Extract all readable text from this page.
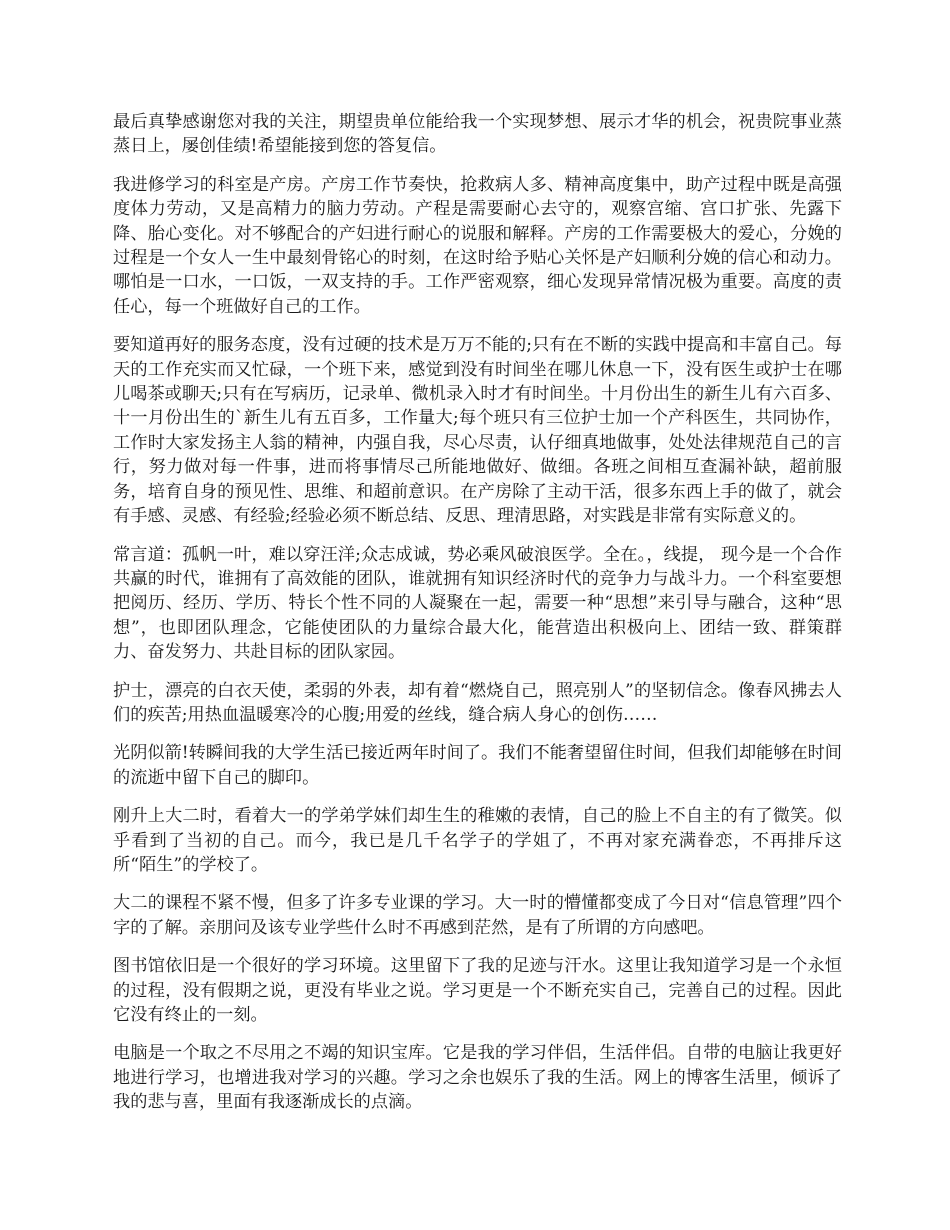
最后真挚感谢您对我的关注，期望贵单位能给我一个实现梦想、展示才华的机会，祝贵院事业蒸蒸日上，屡创佳绩!希望能接到您的答复信。

我进修学习的科室是产房。产房工作节奏快，抢救病人多、精神高度集中，助产过程中既是高强度体力劳动，又是高精力的脑力劳动。产程是需要耐心去守的，观察宫缩、宫口扩张、先露下降、胎心变化。对不够配合的产妇进行耐心的说服和解释。产房的工作需要极大的爱心，分娩的过程是一个女人一生中最刻骨铭心的时刻，在这时给予贴心关怀是产妇顺利分娩的信心和动力。哪怕是一口水，一口饭，一双支持的手。工作严密观察，细心发现异常情况极为重要。高度的责任心，每一个班做好自己的工作。

要知道再好的服务态度，没有过硬的技术是万万不能的;只有在不断的实践中提高和丰富自己。每天的工作充实而又忙碌，一个班下来，感觉到没有时间坐在哪儿休息一下，没有医生或护士在哪儿喝茶或聊天;只有在写病历，记录单、微机录入时才有时间坐。十月份出生的新生儿有六百多、十一月份出生的`新生儿有五百多，工作量大;每个班只有三位护士加一个产科医生，共同协作，工作时大家发扬主人翁的精神，内强自我，尽心尽责，认仔细真地做事，处处法律规范自己的言行，努力做对每一件事，进而将事情尽己所能地做好、做细。各班之间相互查漏补缺，超前服务，培育自身的预见性、思维、和超前意识。在产房除了主动干活，很多东西上手的做了，就会有手感、灵感、有经验;经验必须不断总结、反思、理清思路，对实践是非常有实际意义的。

常言道：孤帆一叶，难以穿汪洋;众志成诚，势必乘风破浪医学。全在。，线提， 现今是一个合作共赢的时代，谁拥有了高效能的团队，谁就拥有知识经济时代的竞争力与战斗力。一个科室要想把阅历、经历、学历、特长个性不同的人凝聚在一起，需要一种“思想”来引导与融合，这种“思想”，也即团队理念，它能使团队的力量综合最大化，能营造出积极向上、团结一致、群策群力、奋发努力、共赴目标的团队家园。

护士，漂亮的白衣天使，柔弱的外表，却有着“燃烧自己，照亮别人”的坚韧信念。像春风拂去人们的疾苦;用热血温暖寒冷的心腹;用爱的丝线，缝合病人身心的创伤……

光阴似箭!转瞬间我的大学生活已接近两年时间了。我们不能奢望留住时间，但我们却能够在时间的流逝中留下自己的脚印。

刚升上大二时，看着大一的学弟学妹们却生生的稚嫩的表情，自己的脸上不自主的有了微笑。似乎看到了当初的自己。而今，我已是几千名学子的学姐了，不再对家充满眷恋，不再排斥这所“陌生”的学校了。

大二的课程不紧不慢，但多了许多专业课的学习。大一时的懵懂都变成了今日对“信息管理”四个字的了解。亲朋问及该专业学些什么时不再感到茫然，是有了所谓的方向感吧。

图书馆依旧是一个很好的学习环境。这里留下了我的足迹与汗水。这里让我知道学习是一个永恒的过程，没有假期之说，更没有毕业之说。学习更是一个不断充实自己，完善自己的过程。因此它没有终止的一刻。

电脑是一个取之不尽用之不竭的知识宝库。它是我的学习伴侣，生活伴侣。自带的电脑让我更好地进行学习，也增进我对学习的兴趣。学习之余也娱乐了我的生活。网上的博客生活里，倾诉了我的悲与喜，里面有我逐渐成长的点滴。
